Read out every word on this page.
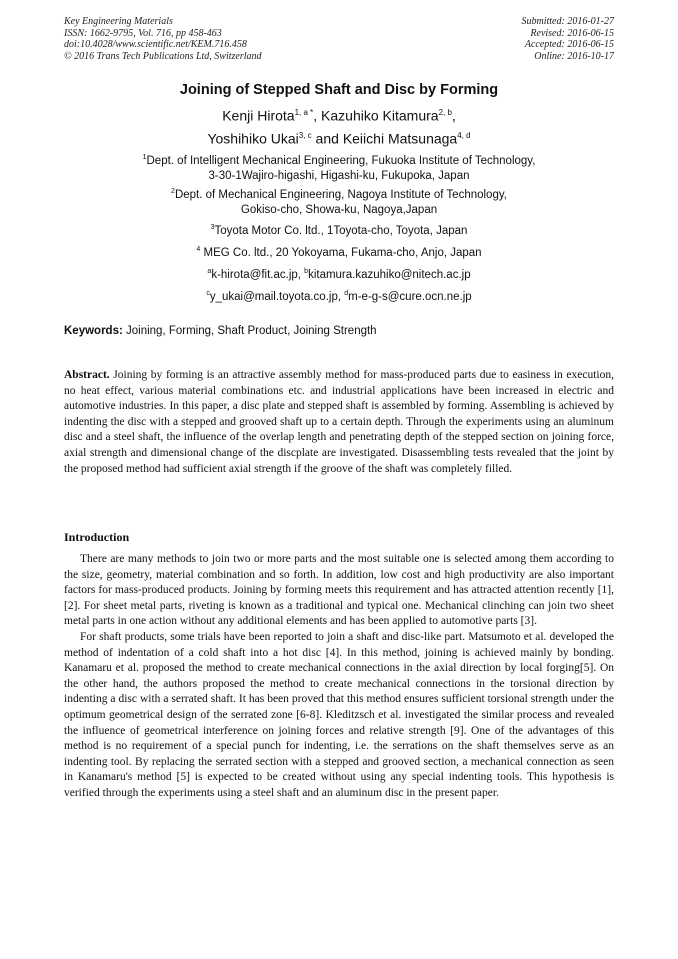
Key Engineering Materials
ISSN: 1662-9795, Vol. 716, pp 458-463
doi:10.4028/www.scientific.net/KEM.716.458
© 2016 Trans Tech Publications Ltd, Switzerland
Submitted: 2016-01-27
Revised: 2016-06-15
Accepted: 2016-06-15
Online: 2016-10-17
Joining of Stepped Shaft and Disc by Forming
Kenji Hirota$^{1, a *}$, Kazuhiko Kitamura$^{2, b}$,
Yoshihiko Ukai$^{3, c}$ and Keiichi Matsunaga$^{4, d}$
$^1$Dept. of Intelligent Mechanical Engineering, Fukuoka Institute of Technology,
3-30-1Wajiro-higashi, Higashi-ku, Fukupoka, Japan
$^2$Dept. of Mechanical Engineering, Nagoya Institute of Technology,
Gokiso-cho, Showa-ku, Nagoya,Japan
$^3$Toyota Motor Co. ltd., 1Toyota-cho, Toyota, Japan
$^4$ MEG Co. ltd., 20 Yokoyama, Fukama-cho, Anjo, Japan
$^a$k-hirota@fit.ac.jp, $^b$kitamura.kazuhiko@nitech.ac.jp
$^c$y_ukai@mail.toyota.co.jp, $^d$m-e-g-s@cure.ocn.ne.jp
Keywords: Joining, Forming, Shaft Product, Joining Strength

Abstract. Joining by forming is an attractive assembly method for mass-produced parts due to easiness in execution, no heat effect, various material combinations etc. and industrial applications have been increased in electric and automotive industries. In this paper, a disc plate and stepped shaft is assembled by forming. Assembling is achieved by indenting the disc with a stepped and grooved shaft up to a certain depth. Through the experiments using an aluminum disc and a steel shaft, the influence of the overlap length and penetrating depth of the stepped section on joining force, axial strength and dimensional change of the discplate are investigated. Disassembling tests revealed that the joint by the proposed method had sufficient axial strength if the groove of the shaft was completely filled.

Introduction

There are many methods to join two or more parts and the most suitable one is selected among them according to the size, geometry, material combination and so forth. In addition, low cost and high productivity are also important factors for mass-produced products. Joining by forming meets this requirement and has attracted attention recently [1], [2]. For sheet metal parts, riveting is known as a traditional and typical one. Mechanical clinching can join two sheet metal parts in one action without any additional elements and has been applied to automotive parts [3].

For shaft products, some trials have been reported to join a shaft and disc-like part. Matsumoto et al. developed the method of indentation of a cold shaft into a hot disc [4]. In this method, joining is achieved mainly by bonding. Kanamaru et al. proposed the method to create mechanical connections in the axial direction by local forging[5]. On the other hand, the authors proposed the method to create mechanical connections in the torsional direction by indenting a disc with a serrated shaft. It has been proved that this method ensures sufficient torsional strength under the optimum geometrical design of the serrated zone [6-8]. Kleditzsch et al. investigated the similar process and revealed the influence of geometrical interference on joining forces and relative strength [9]. One of the advantages of this method is no requirement of a special punch for indenting, i.e. the serrations on the shaft themselves serve as an indenting tool. By replacing the serrated section with a stepped and grooved section, a mechanical connection as seen in Kanamaru's method [5] is expected to be created without using any special indenting tools. This hypothesis is verified through the experiments using a steel shaft and an aluminum disc in the present paper.
